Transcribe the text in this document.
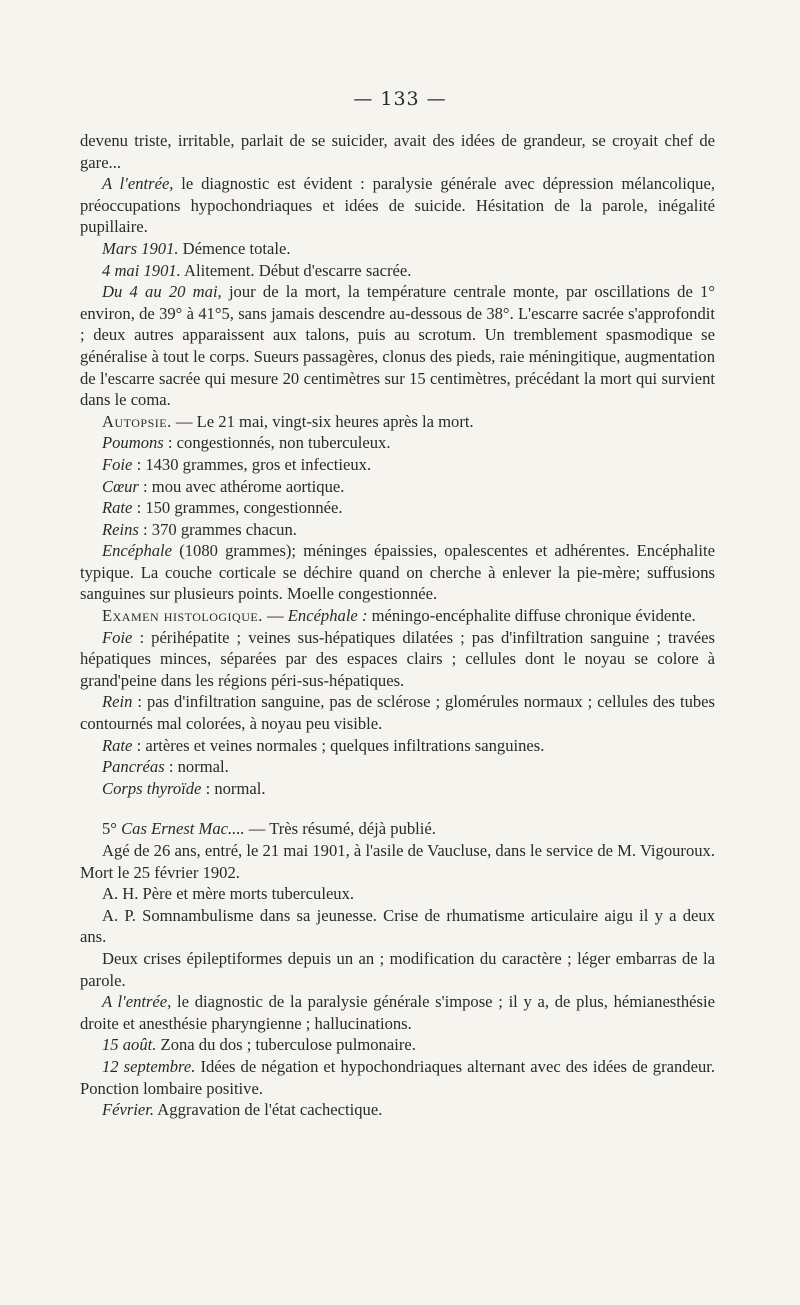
— 133 —

devenu triste, irritable, parlait de se suicider, avait des idées de grandeur, se croyait chef de gare...

A l'entrée, le diagnostic est évident : paralysie générale avec dépression mélancolique, préoccupations hypochondriaques et idées de suicide. Hésitation de la parole, inégalité pupillaire.

Mars 1901. Démence totale.

4 mai 1901. Alitement. Début d'escarre sacrée.

Du 4 au 20 mai, jour de la mort, la température centrale monte, par oscillations de 1° environ, de 39° à 41°5, sans jamais descendre au-dessous de 38°. L'escarre sacrée s'approfondit ; deux autres apparaissent aux talons, puis au scrotum. Un tremblement spasmodique se généralise à tout le corps. Sueurs passagères, clonus des pieds, raie méningitique, augmentation de l'escarre sacrée qui mesure 20 centimètres sur 15 centimètres, précédant la mort qui survient dans le coma.

Autopsie. — Le 21 mai, vingt-six heures après la mort.

Poumons : congestionnés, non tuberculeux.

Foie : 1430 grammes, gros et infectieux.

Cœur : mou avec athérome aortique.

Rate : 150 grammes, congestionnée.

Reins : 370 grammes chacun.

Encéphale (1080 grammes); méninges épaissies, opalescentes et adhérentes. Encéphalite typique. La couche corticale se déchire quand on cherche à enlever la pie-mère; suffusions sanguines sur plusieurs points. Moelle congestionnée.

Examen histologique. — Encéphale : méningo-encéphalite diffuse chronique évidente.

Foie : périhépatite ; veines sus-hépatiques dilatées ; pas d'infiltration sanguine ; travées hépatiques minces, séparées par des espaces clairs ; cellules dont le noyau se colore à grand'peine dans les régions péri-sus-hépatiques.

Rein : pas d'infiltration sanguine, pas de sclérose ; glomérules normaux ; cellules des tubes contournés mal colorées, à noyau peu visible.

Rate : artères et veines normales ; quelques infiltrations sanguines.

Pancréas : normal.

Corps thyroïde : normal.

5° Cas Ernest Mac.... — Très résumé, déjà publié.

Agé de 26 ans, entré, le 21 mai 1901, à l'asile de Vaucluse, dans le service de M. Vigouroux. Mort le 25 février 1902.

A. H. Père et mère morts tuberculeux.

A. P. Somnambulisme dans sa jeunesse. Crise de rhumatisme articulaire aigu il y a deux ans.

Deux crises épileptiformes depuis un an ; modification du caractère ; léger embarras de la parole.

A l'entrée, le diagnostic de la paralysie générale s'impose ; il y a, de plus, hémianesthésie droite et anesthésie pharyngienne ; hallucinations.

15 août. Zona du dos ; tuberculose pulmonaire.

12 septembre. Idées de négation et hypochondriaques alternant avec des idées de grandeur. Ponction lombaire positive.

Février. Aggravation de l'état cachectique.
